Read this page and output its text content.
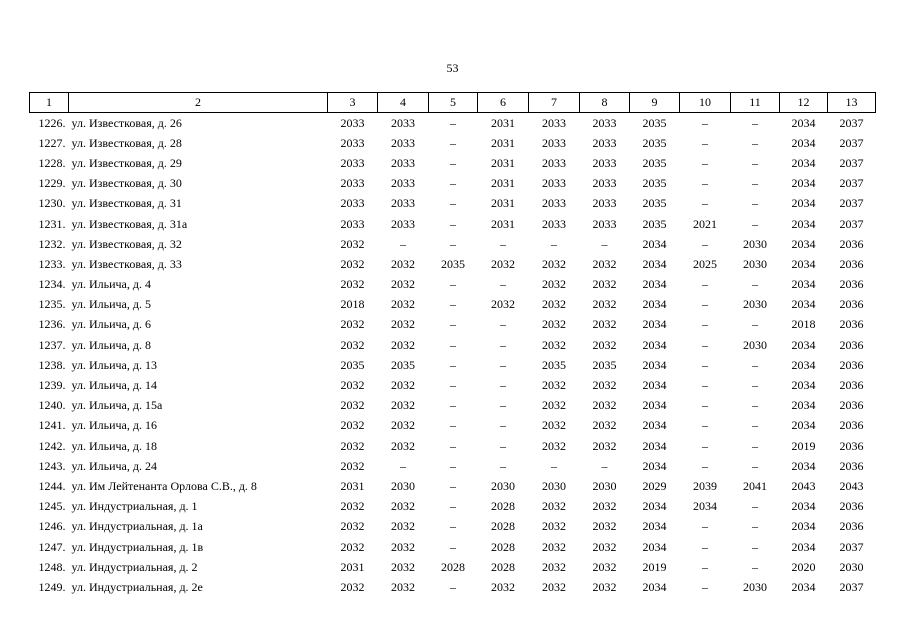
53
1	2	3	4	5	6	7	8	9	10	11	12	13
1226.	ул. Известковая, д. 26	2033	2033	–	2031	2033	2033	2035	–	–	2034	2037
1227.	ул. Известковая, д. 28	2033	2033	–	2031	2033	2033	2035	–	–	2034	2037
1228.	ул. Известковая, д. 29	2033	2033	–	2031	2033	2033	2035	–	–	2034	2037
1229.	ул. Известковая, д. 30	2033	2033	–	2031	2033	2033	2035	–	–	2034	2037
1230.	ул. Известковая, д. 31	2033	2033	–	2031	2033	2033	2035	–	–	2034	2037
1231.	ул. Известковая, д. 31а	2033	2033	–	2031	2033	2033	2035	2021	–	2034	2037
1232.	ул. Известковая, д. 32	2032	–	–	–	–	–	2034	–	2030	2034	2036
1233.	ул. Известковая, д. 33	2032	2032	2035	2032	2032	2032	2034	2025	2030	2034	2036
1234.	ул. Ильича, д. 4	2032	2032	–	–	2032	2032	2034	–	–	2034	2036
1235.	ул. Ильича, д. 5	2018	2032	–	2032	2032	2032	2034	–	2030	2034	2036
1236.	ул. Ильича, д. 6	2032	2032	–	–	2032	2032	2034	–	–	2018	2036
1237.	ул. Ильича, д. 8	2032	2032	–	–	2032	2032	2034	–	2030	2034	2036
1238.	ул. Ильича, д. 13	2035	2035	–	–	2035	2035	2034	–	–	2034	2036
1239.	ул. Ильича, д. 14	2032	2032	–	–	2032	2032	2034	–	–	2034	2036
1240.	ул. Ильича, д. 15а	2032	2032	–	–	2032	2032	2034	–	–	2034	2036
1241.	ул. Ильича, д. 16	2032	2032	–	–	2032	2032	2034	–	–	2034	2036
1242.	ул. Ильича, д. 18	2032	2032	–	–	2032	2032	2034	–	–	2019	2036
1243.	ул. Ильича, д. 24	2032	–	–	–	–	–	2034	–	–	2034	2036
1244.	ул. Им Лейтенанта Орлова С.В., д. 8	2031	2030	–	2030	2030	2030	2029	2039	2041	2043	2043
1245.	ул. Индустриальная, д. 1	2032	2032	–	2028	2032	2032	2034	2034	–	2034	2036
1246.	ул. Индустриальная, д. 1а	2032	2032	–	2028	2032	2032	2034	–	–	2034	2036
1247.	ул. Индустриальная, д. 1в	2032	2032	–	2028	2032	2032	2034	–	–	2034	2037
1248.	ул. Индустриальная, д. 2	2031	2032	2028	2028	2032	2032	2019	–	–	2020	2030
1249.	ул. Индустриальная, д. 2е	2032	2032	–	2032	2032	2032	2034	–	2030	2034	2037
